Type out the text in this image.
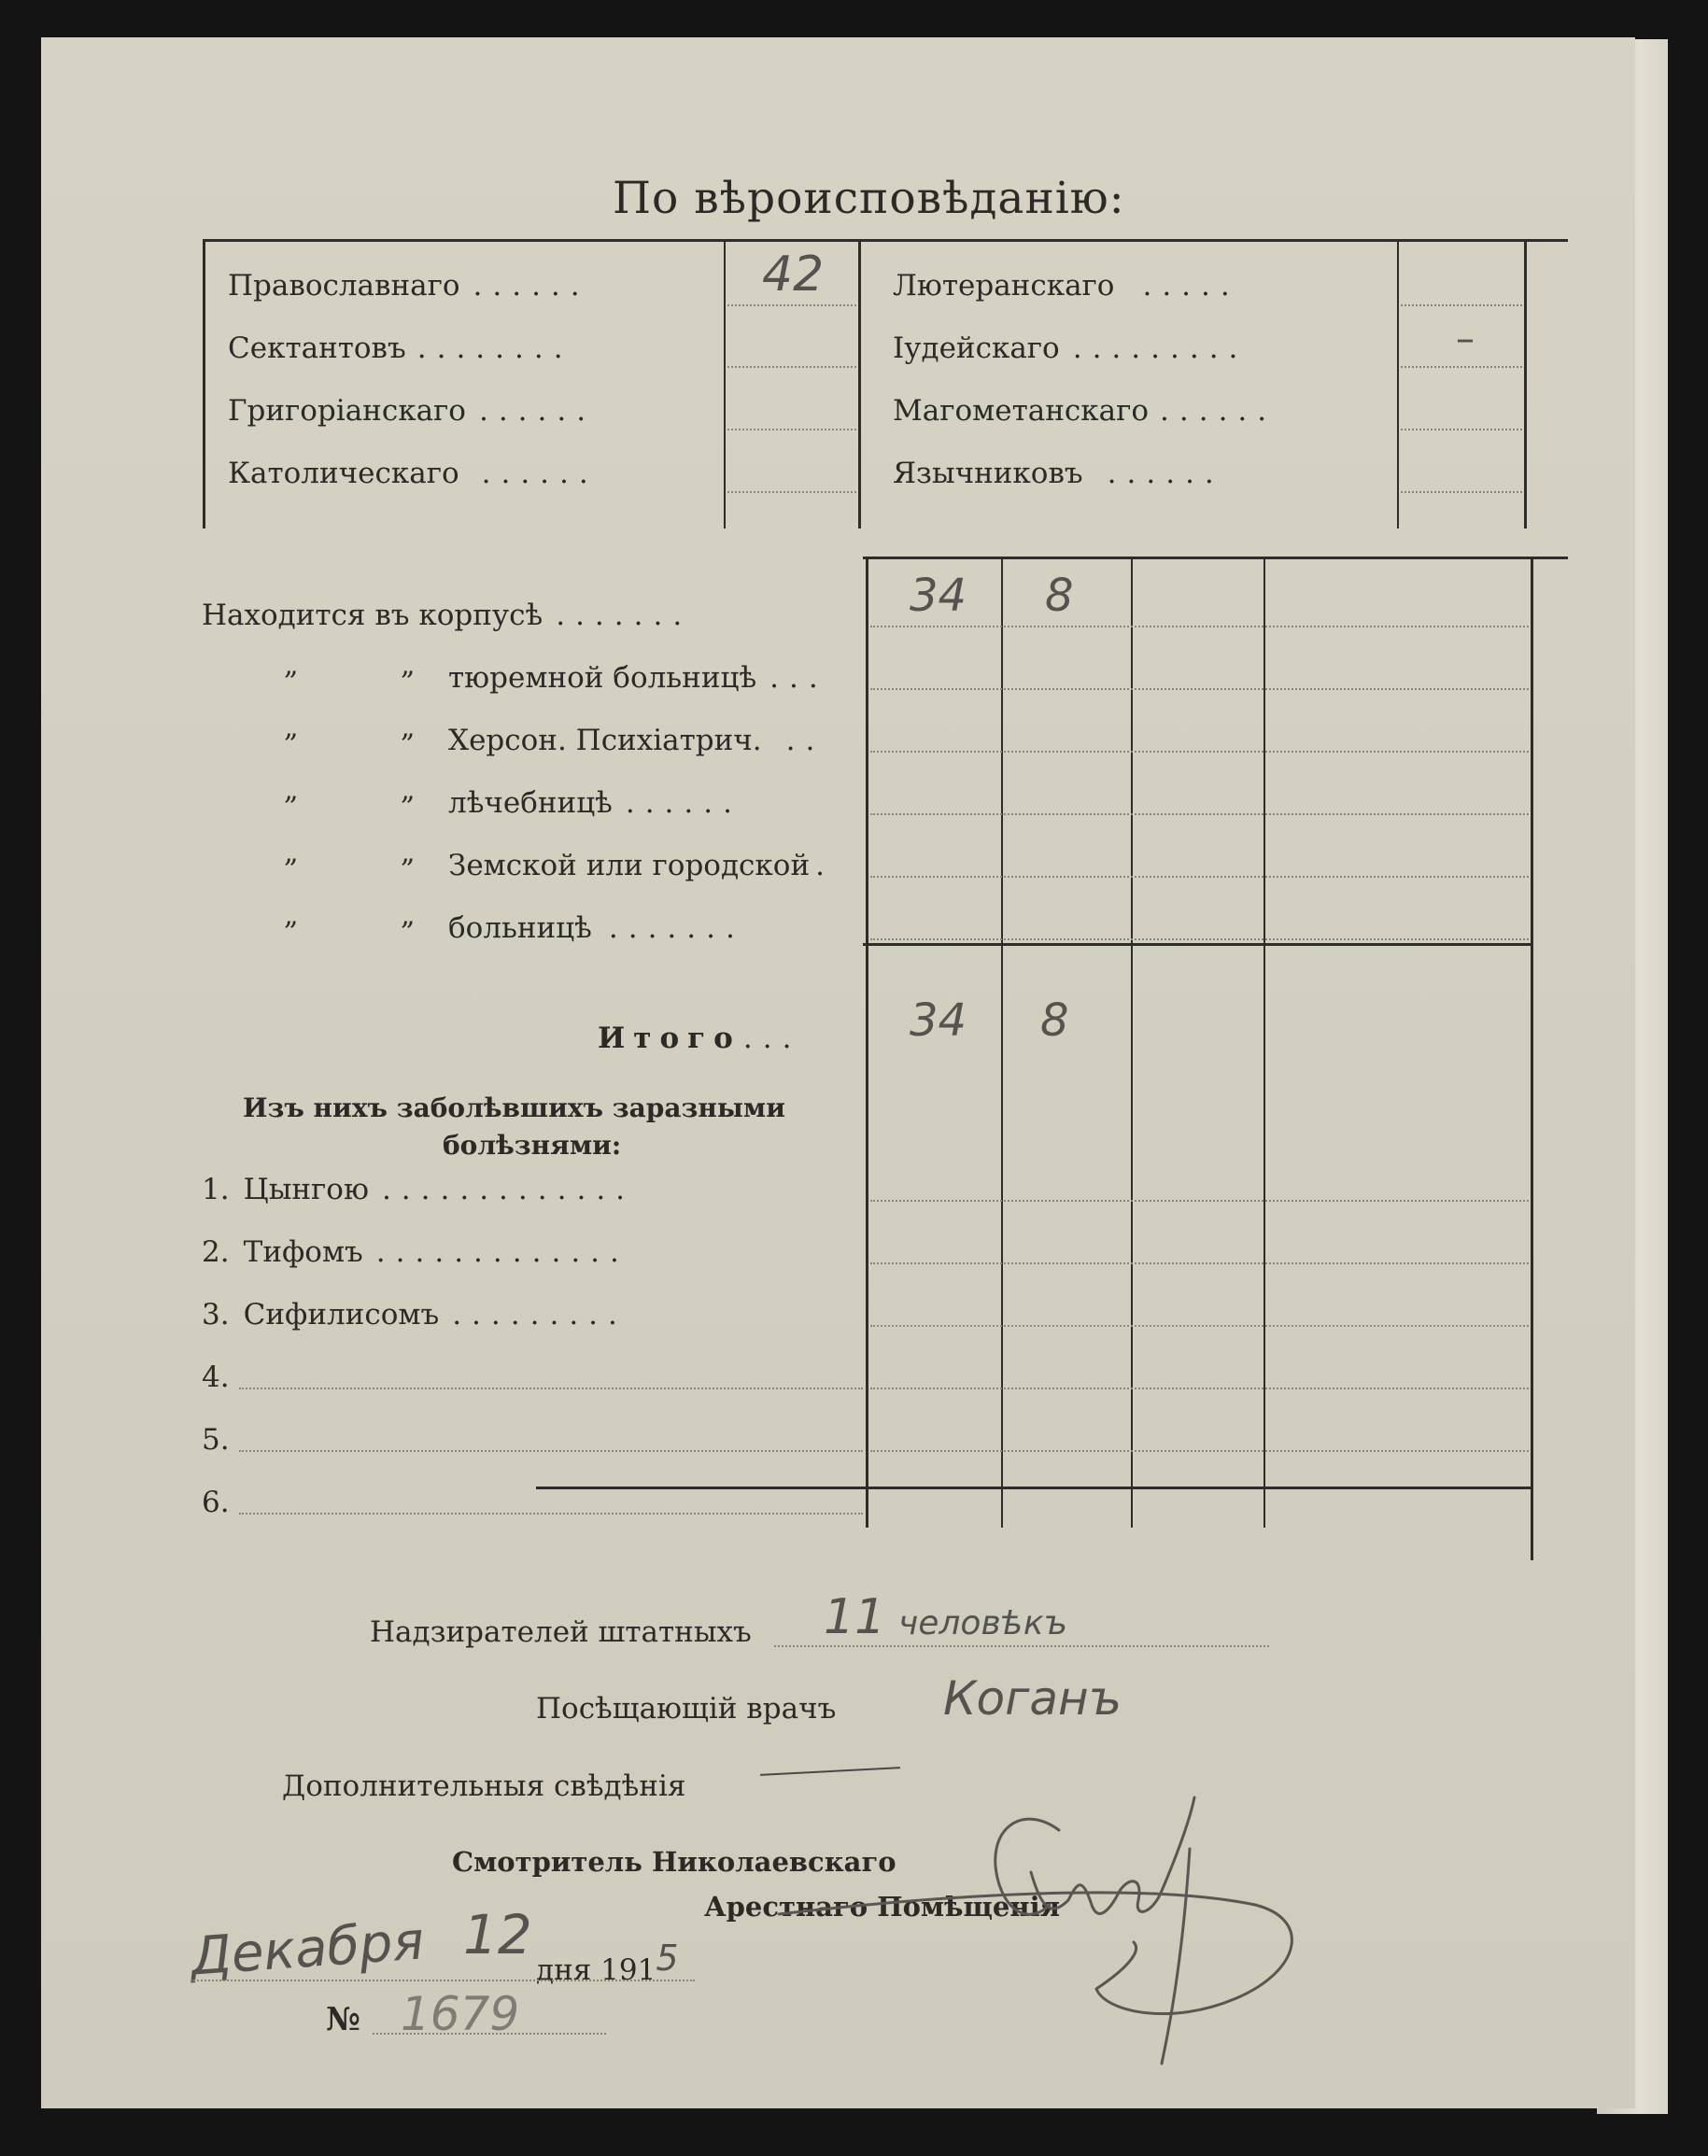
По вѣроисповѣданію:
Православнаго ......	42
Сектантовъ ........
Григоріанскаго ......
Католическаго ......
Лютеранскаго .....
Іудейскаго .........	–
Магометанскаго ......
Язычниковъ ......
Находится въ корпусѣ .......	34 8
„	„ тюремной больницѣ ...
„	„ Херсон. Психіатрич. ..
„	„ лѣчебницѣ ......
„	„ Земской или городской .
„	„ больницѣ .......
Итого... 34 8
Изъ нихъ заболѣвшихъ заразными
болѣзнями:
1. Цынгою .............
2. Тифомъ .............
3. Сифилисомъ .........
4.
5.
6.
Надзирателей штатныхъ 11 человѣкъ
Посѣщающій врачъ Коганъ
Дополнительныя свѣдѣнія
Смотритель Николаевскаго
Арестнаго Помѣщенія
Декабря 12
дня 1915
№ 1679
